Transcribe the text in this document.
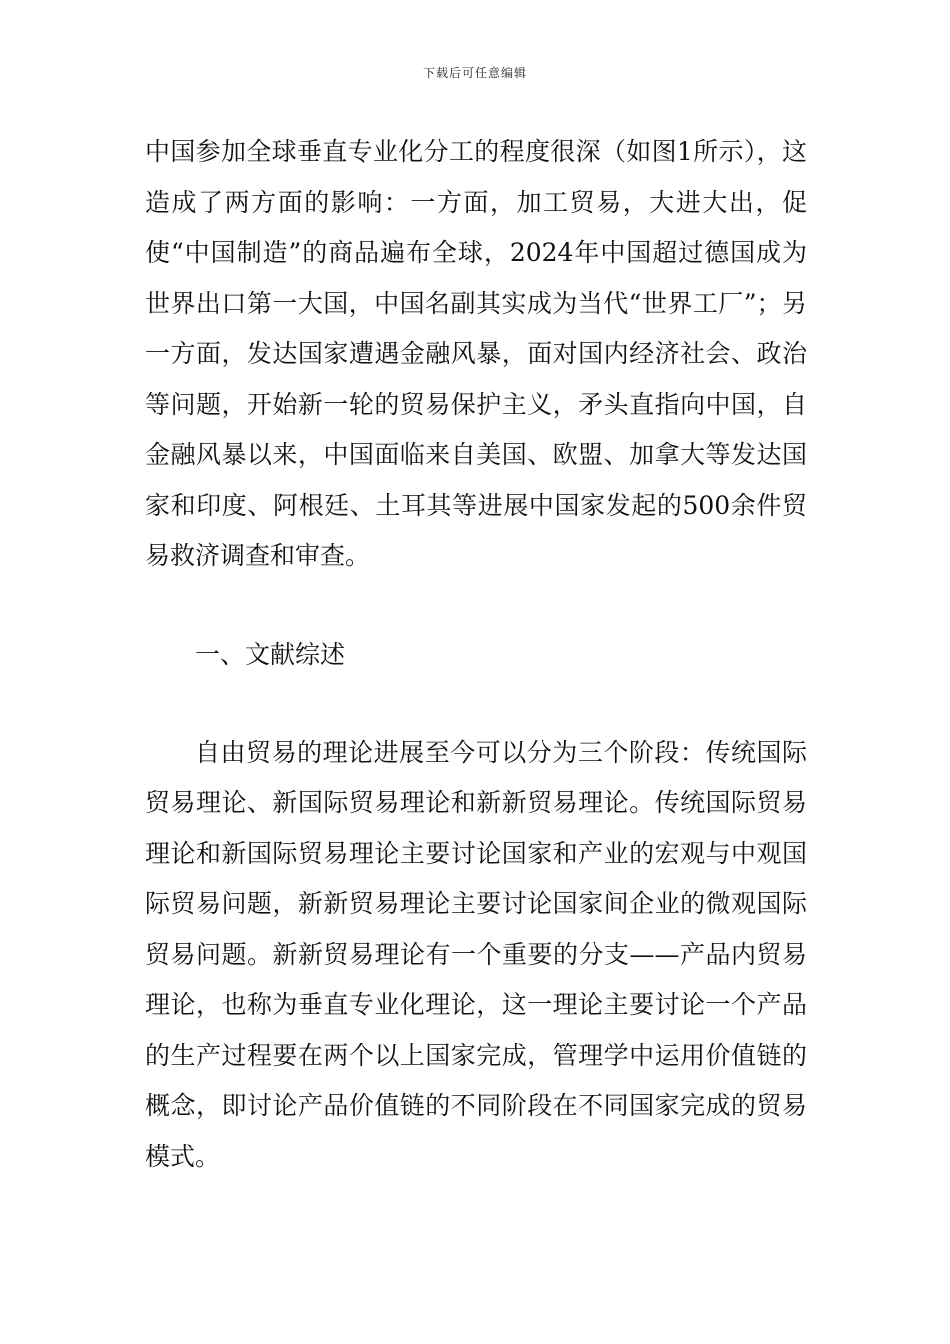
下载后可任意编辑

中国参加全球垂直专业化分工的程度很深（如图1所示），这造成了两方面的影响：一方面，加工贸易，大进大出，促使“中国制造”的商品遍布全球，2024年中国超过德国成为世界出口第一大国，中国名副其实成为当代“世界工厂”；另一方面，发达国家遭遇金融风暴，面对国内经济社会、政治等问题，开始新一轮的贸易保护主义，矛头直指向中国，自金融风暴以来，中国面临来自美国、欧盟、加拿大等发达国家和印度、阿根廷、土耳其等进展中国家发起的500余件贸易救济调查和审查。

一、文献综述

自由贸易的理论进展至今可以分为三个阶段：传统国际贸易理论、新国际贸易理论和新新贸易理论。传统国际贸易理论和新国际贸易理论主要讨论国家和产业的宏观与中观国际贸易问题，新新贸易理论主要讨论国家间企业的微观国际贸易问题。新新贸易理论有一个重要的分支——产品内贸易理论，也称为垂直专业化理论，这一理论主要讨论一个产品的生产过程要在两个以上国家完成，管理学中运用价值链的概念，即讨论产品价值链的不同阶段在不同国家完成的贸易模式。
